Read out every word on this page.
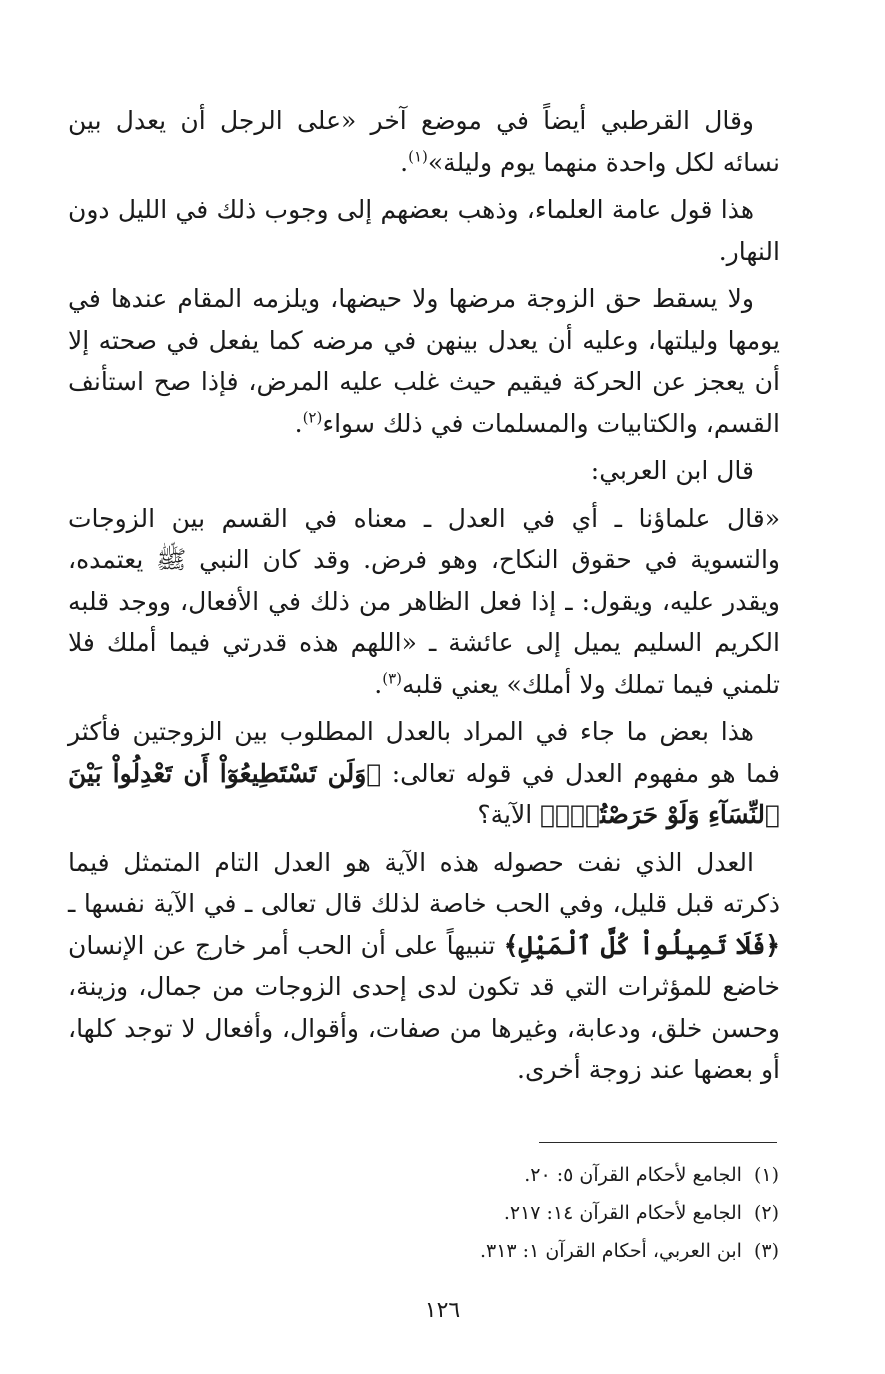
وقال القرطبي أيضاً في موضع آخر «على الرجل أن يعدل بين نسائه لكل واحدة منهما يوم وليلة»$^{(١)}$.

هذا قول عامة العلماء، وذهب بعضهم إلى وجوب ذلك في الليل دون النهار.

ولا يسقط حق الزوجة مرضها ولا حيضها، ويلزمه المقام عندها في يومها وليلتها، وعليه أن يعدل بينهن في مرضه كما يفعل في صحته إلا أن يعجز عن الحركة فيقيم حيث غلب عليه المرض، فإذا صح استأنف القسم، والكتابيات والمسلمات في ذلك سواء$^{(٢)}$.

قال ابن العربي:

«قال علماؤنا ـ أي في العدل ـ معناه في القسم بين الزوجات والتسوية في حقوق النكاح، وهو فرض. وقد كان النبي ﷺ يعتمده، ويقدر عليه، ويقول: ـ إذا فعل الظاهر من ذلك في الأفعال، ووجد قلبه الكريم السليم يميل إلى عائشة ـ «اللهم هذه قدرتي فيما أملك فلا تلمني فيما تملك ولا أملك» يعني قلبه$^{(٣)}$.

هذا بعض ما جاء في المراد بالعدل المطلوب بين الزوجتين فأكثر فما هو مفهوم العدل في قوله تعالى: ﴿وَلَن تَسْتَطِيعُوٓاْ أَن تَعْدِلُواْ بَيْنَ ٱلنِّسَآءِ وَلَوْ حَرَصْتُمْۖ﴾ الآية؟

العدل الذي نفت حصوله هذه الآية هو العدل التام المتمثل فيما ذكرته قبل قليل، وفي الحب خاصة لذلك قال تعالى ـ في الآية نفسها ـ ﴿فَلَا تَمِيلُواْ كُلَّ ٱلْمَيْلِ﴾ تنبيهاً على أن الحب أمر خارج عن الإنسان خاضع للمؤثرات التي قد تكون لدى إحدى الزوجات من جمال، وزينة، وحسن خلق، ودعابة، وغيرها من صفات، وأقوال، وأفعال لا توجد كلها، أو بعضها عند زوجة أخرى.

(١)الجامع لأحكام القرآن ٥: ٢٠.
(٢)الجامع لأحكام القرآن ١٤: ٢١٧.
(٣)ابن العربي، أحكام القرآن ١: ٣١٣.
١٢٦
